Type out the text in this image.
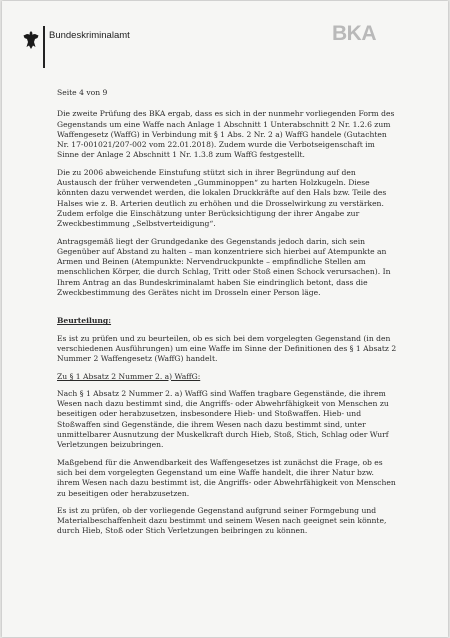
Bundeskriminalamt	BKA

Seite 4 von 9

Die zweite Prüfung des BKA ergab, dass es sich in der nunmehr vorliegenden Form des Gegenstands um eine Waffe nach Anlage 1 Abschnitt 1 Unterabschnitt 2 Nr. 1.2.6 zum Waffengesetz (WaffG) in Verbindung mit § 1 Abs. 2 Nr. 2 a) WaffG handele (Gutachten Nr. 17-001021/207-002 vom 22.01.2018). Zudem wurde die Verbotseigenschaft im Sinne der Anlage 2 Abschnitt 1 Nr. 1.3.8 zum WaffG festgestellt.

Die zu 2006 abweichende Einstufung stützt sich in ihrer Begründung auf den Austausch der früher verwendeten „Gumminoppen“ zu harten Holzkugeln. Diese könnten dazu verwendet werden, die lokalen Druckkräfte auf den Hals bzw. Teile des Halses wie z. B. Arterien deutlich zu erhöhen und die Drosselwirkung zu verstärken. Zudem erfolge die Einschätzung unter Berücksichtigung der ihrer Angabe zur Zweckbestimmung „Selbstverteidigung“.

Antragsgemäß liegt der Grundgedanke des Gegenstands jedoch darin, sich sein Gegenüber auf Abstand zu halten – man konzentriere sich hierbei auf Atempunkte an Armen und Beinen (Atempunkte: Nervendruckpunkte – empfindliche Stellen am menschlichen Körper, die durch Schlag, Tritt oder Stoß einen Schock verursachen). In Ihrem Antrag an das Bundeskriminalamt haben Sie eindringlich betont, dass die Zweckbestimmung des Gerätes nicht im Drosseln einer Person läge.

Beurteilung:

Es ist zu prüfen und zu beurteilen, ob es sich bei dem vorgelegten Gegenstand (in den verschiedenen Ausführungen) um eine Waffe im Sinne der Definitionen des § 1 Absatz 2 Nummer 2 Waffengesetz (WaffG) handelt.

Zu § 1 Absatz 2 Nummer 2. a) WaffG:

Nach § 1 Absatz 2 Nummer 2. a) WaffG sind Waffen tragbare Gegenstände, die ihrem Wesen nach dazu bestimmt sind, die Angriffs- oder Abwehrfähigkeit von Menschen zu beseitigen oder herabzusetzen, insbesondere Hieb- und Stoßwaffen. Hieb- und Stoßwaffen sind Gegenstände, die ihrem Wesen nach dazu bestimmt sind, unter unmittelbarer Ausnutzung der Muskelkraft durch Hieb, Stoß, Stich, Schlag oder Wurf Verletzungen beizubringen.

Maßgebend für die Anwendbarkeit des Waffengesetzes ist zunächst die Frage, ob es sich bei dem vorgelegten Gegenstand um eine Waffe handelt, die ihrer Natur bzw. ihrem Wesen nach dazu bestimmt ist, die Angriffs- oder Abwehrfähigkeit von Menschen zu beseitigen oder herabzusetzen.

Es ist zu prüfen, ob der vorliegende Gegenstand aufgrund seiner Formgebung und Materialbeschaffenheit dazu bestimmt und seinem Wesen nach geeignet sein könnte, durch Hieb, Stoß oder Stich Verletzungen beibringen zu können.
